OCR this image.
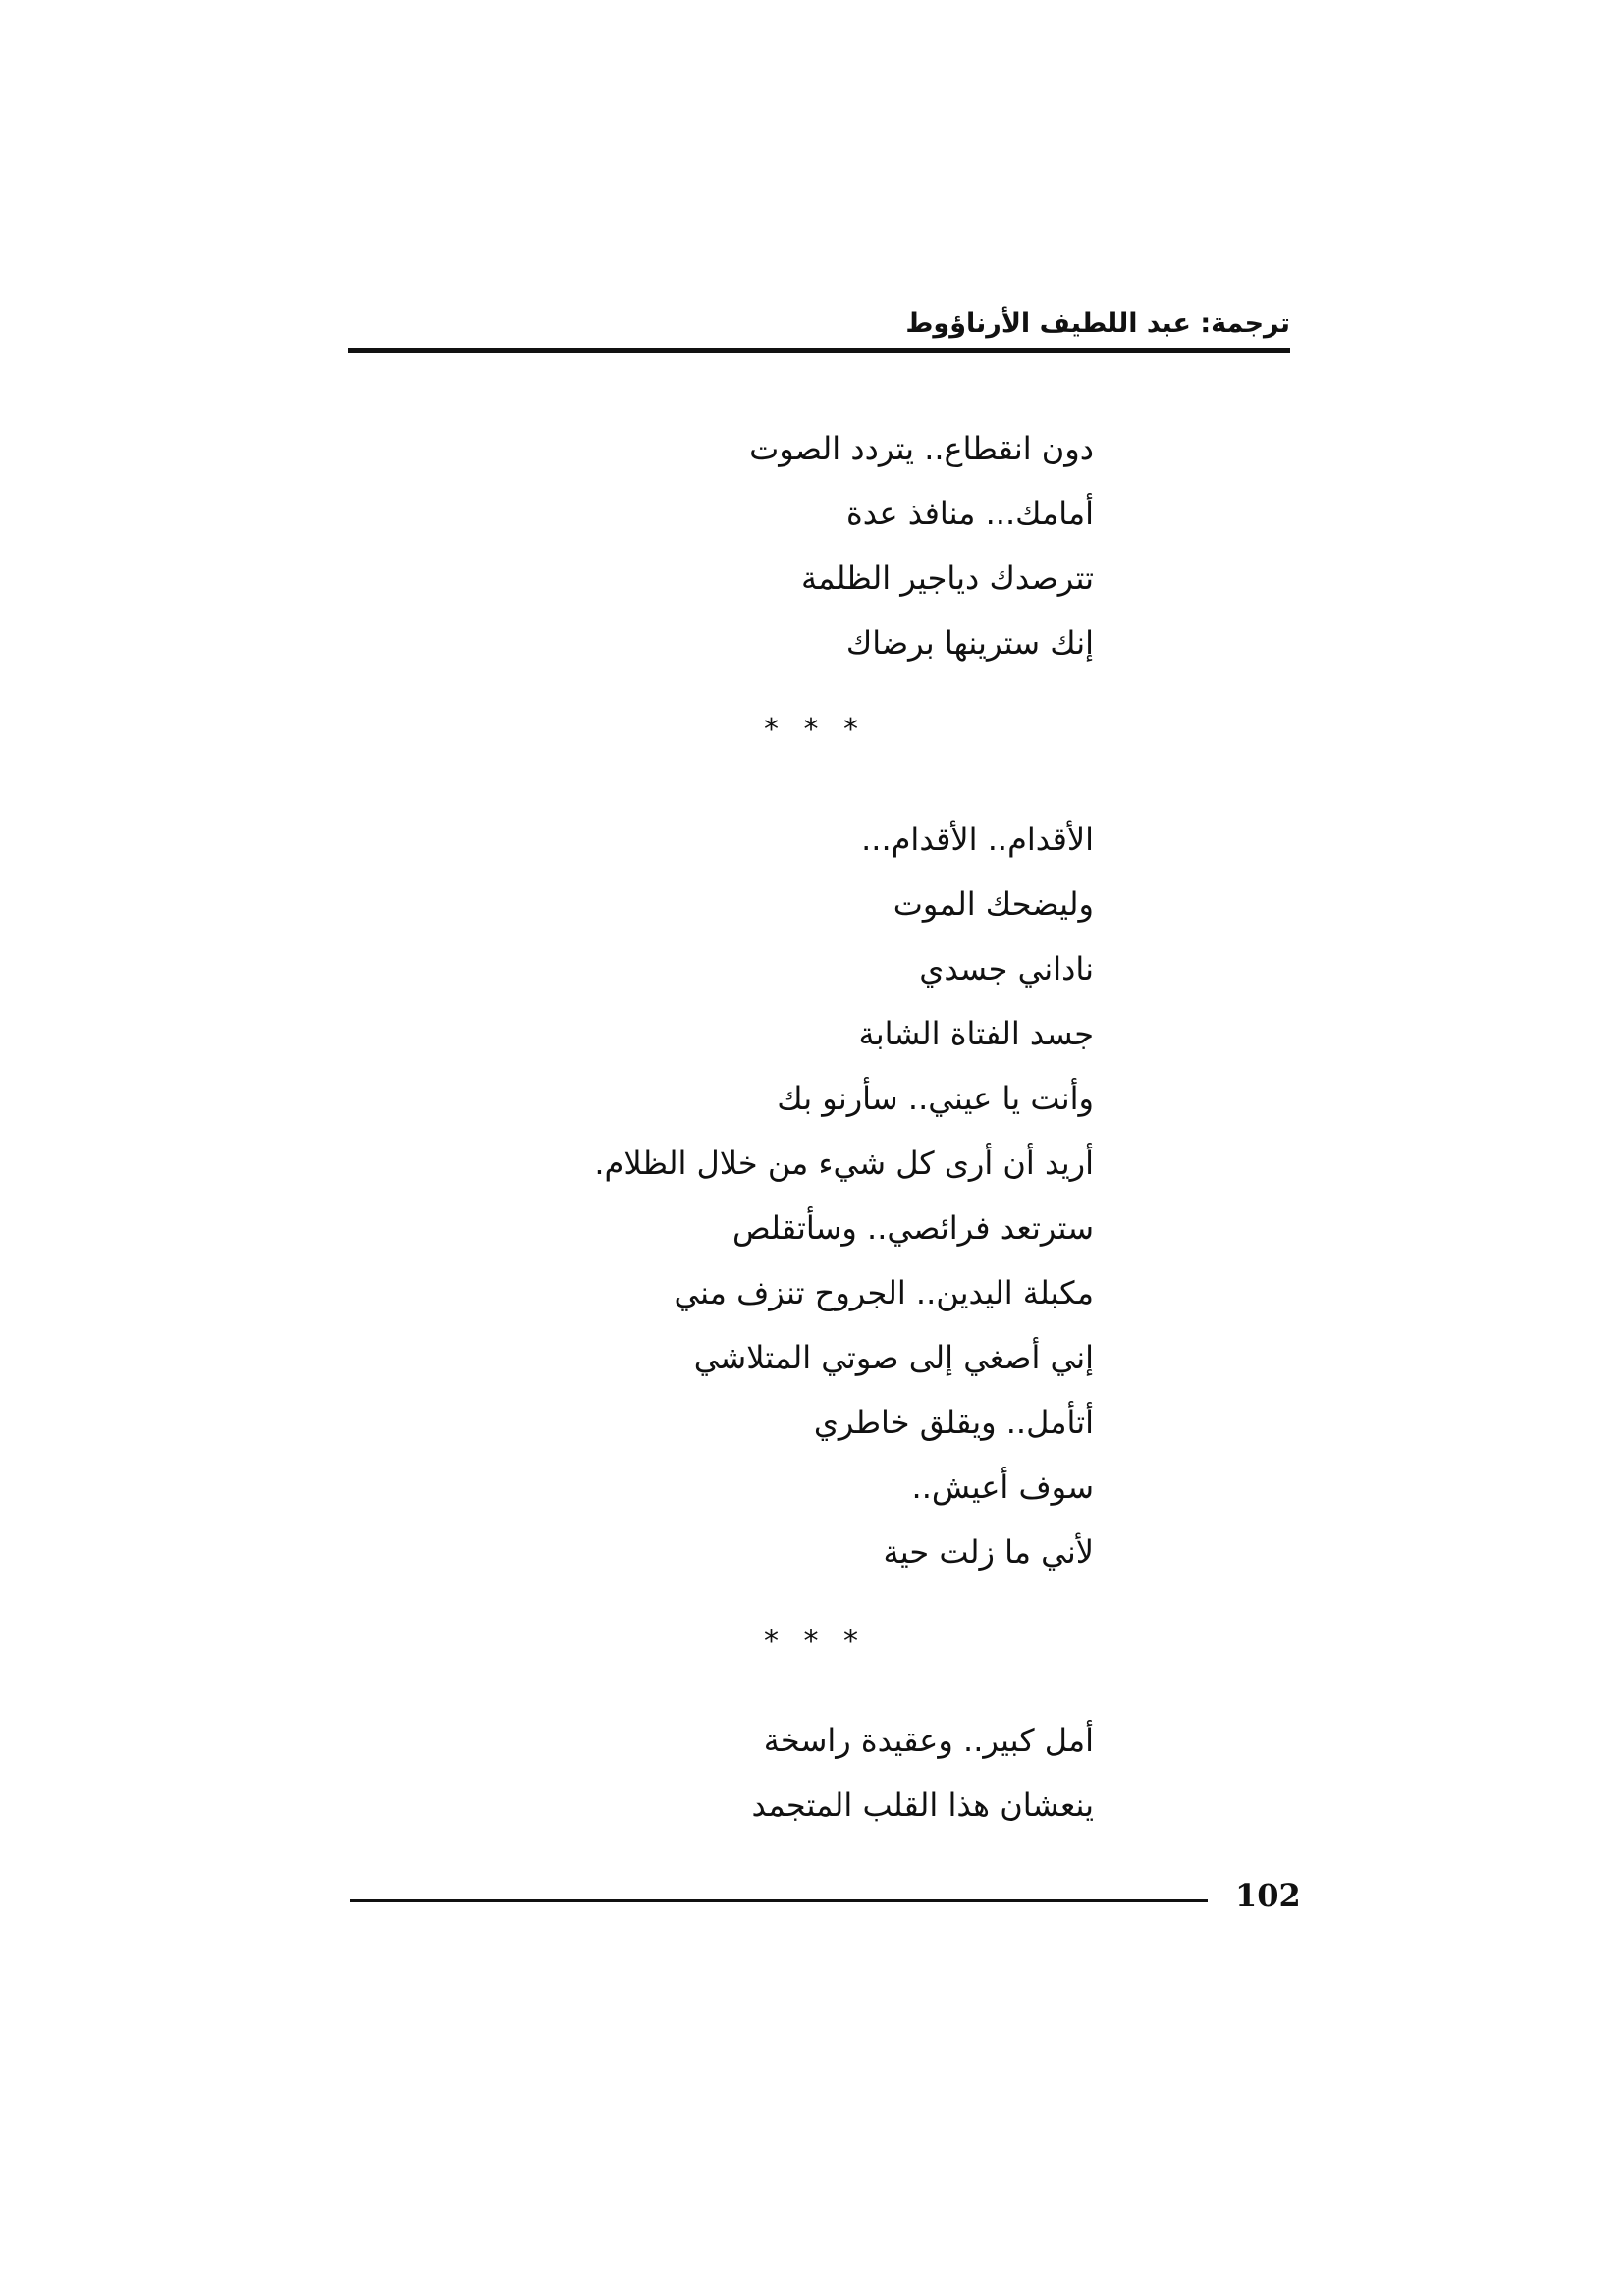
ترجمة: عبد اللطيف الأرناؤوط
دون انقطاع.. يتردد الصوت
أمامك... منافذ عدة
تترصدك دياجير الظلمة
إنك سترينها برضاك
* * *
الأقدام.. الأقدام...
وليضحك الموت
ناداني جسدي
جسد الفتاة الشابة
وأنت يا عيني.. سأرنو بك
أريد أن أرى كل شيء من خلال الظلام.
سترتعد فرائصي.. وسأتقلص
مكبلة اليدين.. الجروح تنزف مني
إني أصغي إلى صوتي المتلاشي
أتأمل.. ويقلق خاطري
سوف أعيش..
لأني ما زلت حية
* * *
أمل كبير.. وعقيدة راسخة
ينعشان هذا القلب المتجمد
102
